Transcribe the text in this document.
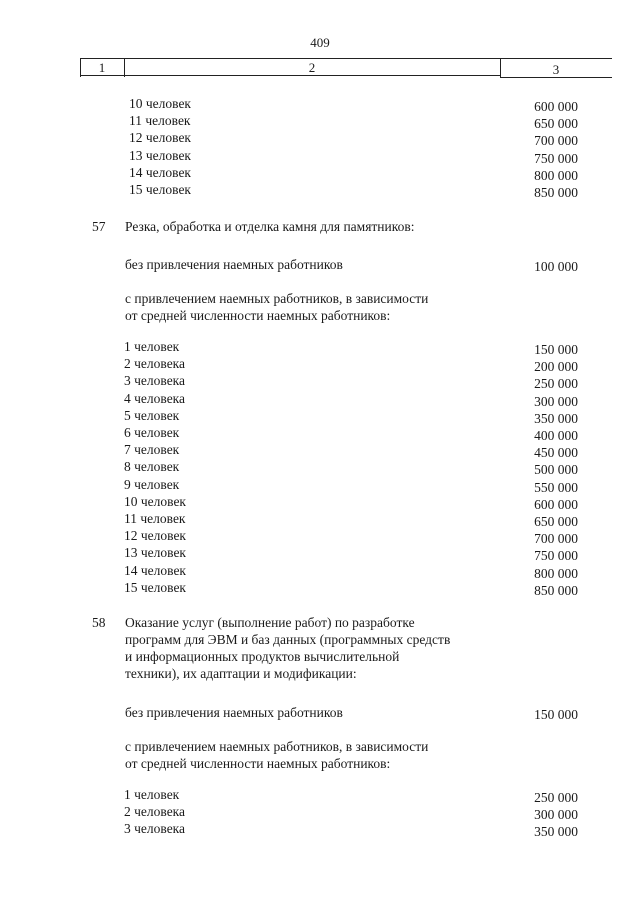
409
1	2	3
10 человек	600 000
11 человек	650 000
12 человек	700 000
13 человек	750 000
14 человек	800 000
15 человек	850 000
57 Резка, обработка и отделка камня для памятников:
без привлечения наемных работников	100 000
с привлечением наемных работников, в зависимости
от средней численности наемных работников:
1 человек	150 000
2 человека	200 000
3 человека	250 000
4 человека	300 000
5 человек	350 000
6 человек	400 000
7 человек	450 000
8 человек	500 000
9 человек	550 000
10 человек	600 000
11 человек	650 000
12 человек	700 000
13 человек	750 000
14 человек	800 000
15 человек	850 000
58 Оказание услуг (выполнение работ) по разработке
программ для ЭВМ и баз данных (программных средств
и информационных продуктов вычислительной
техники), их адаптации и модификации:
без привлечения наемных работников	150 000
с привлечением наемных работников, в зависимости
от средней численности наемных работников:
1 человек	250 000
2 человека	300 000
3 человека	350 000
